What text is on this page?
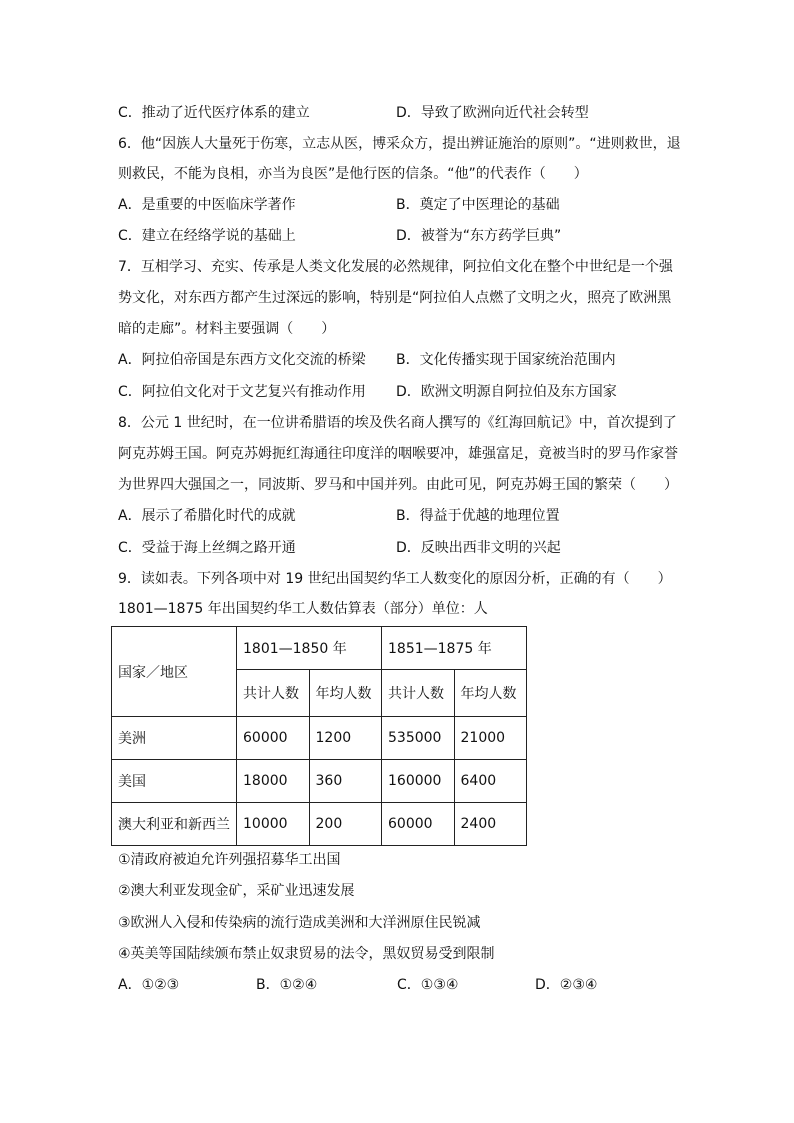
C．推动了近代医疗体系的建立	D．导致了欧洲向近代社会转型
6．他“因族人大量死于伤寒，立志从医，博采众方，提出辨证施治的原则”。“进则救世，退
则救民，不能为良相，亦当为良医”是他行医的信条。“他”的代表作（　　）
A．是重要的中医临床学著作	B．奠定了中医理论的基础
C．建立在经络学说的基础上	D．被誉为“东方药学巨典”
7．互相学习、充实、传承是人类文化发展的必然规律，阿拉伯文化在整个中世纪是一个强
势文化，对东西方都产生过深远的影响，特别是“阿拉伯人点燃了文明之火，照亮了欧洲黑
暗的走廊”。材料主要强调（　　）
A．阿拉伯帝国是东西方文化交流的桥梁 B．文化传播实现于国家统治范围内
C．阿拉伯文化对于文艺复兴有推动作用 D．欧洲文明源自阿拉伯及东方国家
8．公元 1 世纪时，在一位讲希腊语的埃及佚名商人撰写的《红海回航记》中，首次提到了
阿克苏姆王国。阿克苏姆扼红海通往印度洋的咽喉要冲，雄强富足，竟被当时的罗马作家誉
为世界四大强国之一，同波斯、罗马和中国并列。由此可见，阿克苏姆王国的繁荣（　　）
A．展示了希腊化时代的成就	B．得益于优越的地理位置
C．受益于海上丝绸之路开通	D．反映出西非文明的兴起
9．读如表。下列各项中对 19 世纪出国契约华工人数变化的原因分析，正确的有（　　）
1801—1875 年出国契约华工人数估算表（部分）单位：人
国家／地区	1801—1850 年		1851—1875 年	
	共计人数	年均人数	共计人数	年均人数
美洲	60000	1200	535000	21000
美国	18000	360	160000	6400
澳大利亚和新西兰	10000	200	60000	2400
①清政府被迫允许列强招募华工出国
②澳大利亚发现金矿，采矿业迅速发展
③欧洲人入侵和传染病的流行造成美洲和大洋洲原住民锐减
④英美等国陆续颁布禁止奴隶贸易的法令，黑奴贸易受到限制
A．①②③	B．①②④	C．①③④	D．②③④
